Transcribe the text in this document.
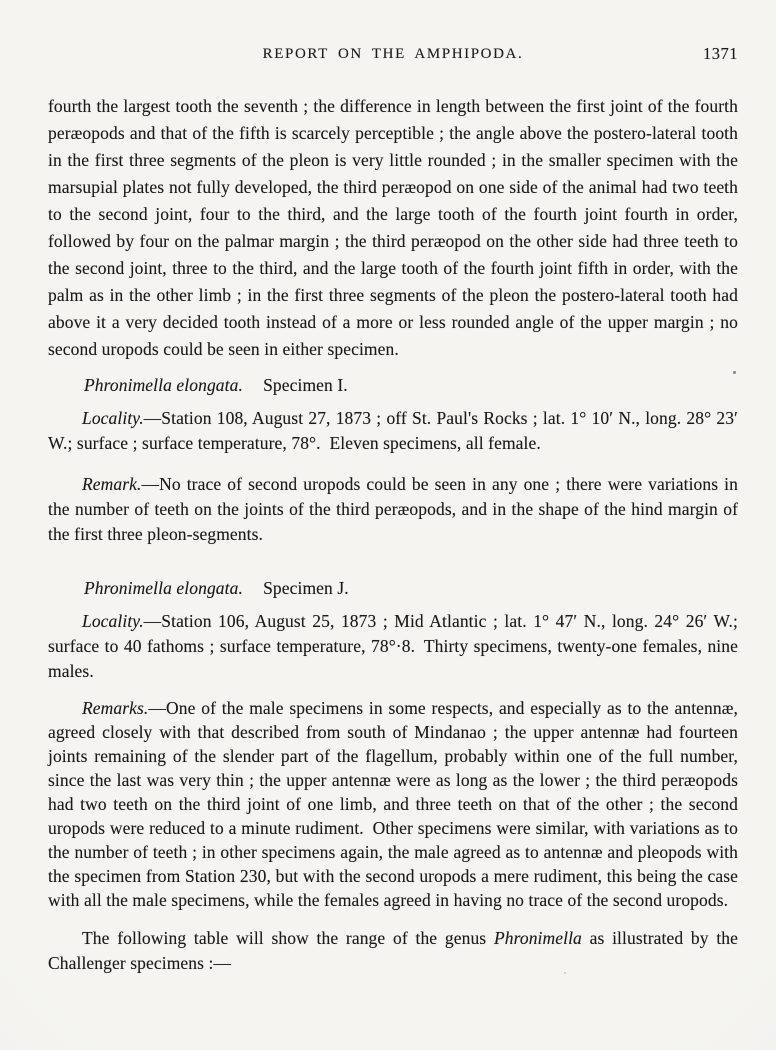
REPORT ON THE AMPHIPODA.	1371

fourth the largest tooth the seventh ; the difference in length between the first joint of the fourth peræopods and that of the fifth is scarcely perceptible ; the angle above the postero-lateral tooth in the first three segments of the pleon is very little rounded ; in the smaller specimen with the marsupial plates not fully developed, the third peræopod on one side of the animal had two teeth to the second joint, four to the third, and the large tooth of the fourth joint fourth in order, followed by four on the palmar margin ; the third peræopod on the other side had three teeth to the second joint, three to the third, and the large tooth of the fourth joint fifth in order, with the palm as in the other limb ; in the first three segments of the pleon the postero-lateral tooth had above it a very decided tooth instead of a more or less rounded angle of the upper margin ; no second uropods could be seen in either specimen.

Phronimella elongata. Specimen I.

Locality.—Station 108, August 27, 1873 ; off St. Paul's Rocks ; lat. 1° 10′ N., long. 28° 23′ W.; surface ; surface temperature, 78°. Eleven specimens, all female.

Remark.—No trace of second uropods could be seen in any one ; there were variations in the number of teeth on the joints of the third peræopods, and in the shape of the hind margin of the first three pleon-segments.

Phronimella elongata. Specimen J.

Locality.—Station 106, August 25, 1873 ; Mid Atlantic ; lat. 1° 47′ N., long. 24° 26′ W.; surface to 40 fathoms ; surface temperature, 78°·8. Thirty specimens, twenty-one females, nine males.

Remarks.—One of the male specimens in some respects, and especially as to the antennæ, agreed closely with that described from south of Mindanao ; the upper antennæ had fourteen joints remaining of the slender part of the flagellum, probably within one of the full number, since the last was very thin ; the upper antennæ were as long as the lower ; the third peræopods had two teeth on the third joint of one limb, and three teeth on that of the other ; the second uropods were reduced to a minute rudiment. Other specimens were similar, with variations as to the number of teeth ; in other specimens again, the male agreed as to antennæ and pleopods with the specimen from Station 230, but with the second uropods a mere rudiment, this being the case with all the male specimens, while the females agreed in having no trace of the second uropods.

The following table will show the range of the genus Phronimella as illustrated by the Challenger specimens :—
